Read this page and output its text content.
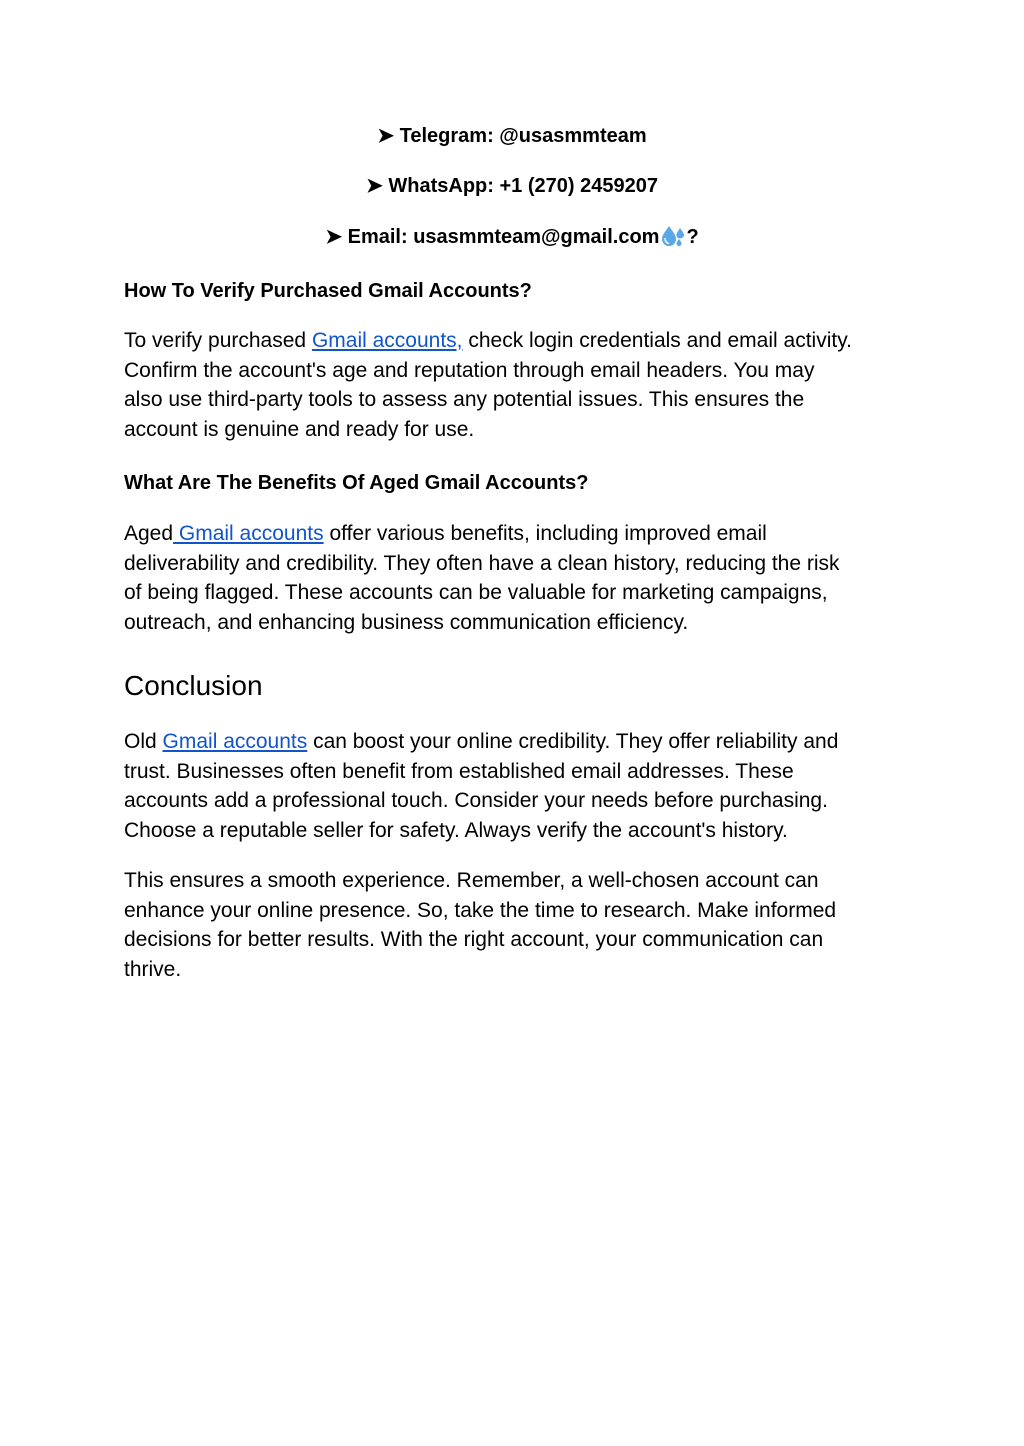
➤ Telegram: @usasmmteam
➤ WhatsApp: +1 (270) 2459207
➤ Email: usasmmteam@gmail.com ?
How To Verify Purchased Gmail Accounts?
To verify purchased Gmail accounts, check login credentials and email activity.
Confirm the account's age and reputation through email headers. You may
also use third-party tools to assess any potential issues. This ensures the
account is genuine and ready for use.
What Are The Benefits Of Aged Gmail Accounts?
Aged Gmail accounts offer various benefits, including improved email
deliverability and credibility. They often have a clean history, reducing the risk
of being flagged. These accounts can be valuable for marketing campaigns,
outreach, and enhancing business communication efficiency.
Conclusion
Old Gmail accounts can boost your online credibility. They offer reliability and
trust. Businesses often benefit from established email addresses. These
accounts add a professional touch. Consider your needs before purchasing.
Choose a reputable seller for safety. Always verify the account's history.
This ensures a smooth experience. Remember, a well-chosen account can
enhance your online presence. So, take the time to research. Make informed
decisions for better results. With the right account, your communication can
thrive.
